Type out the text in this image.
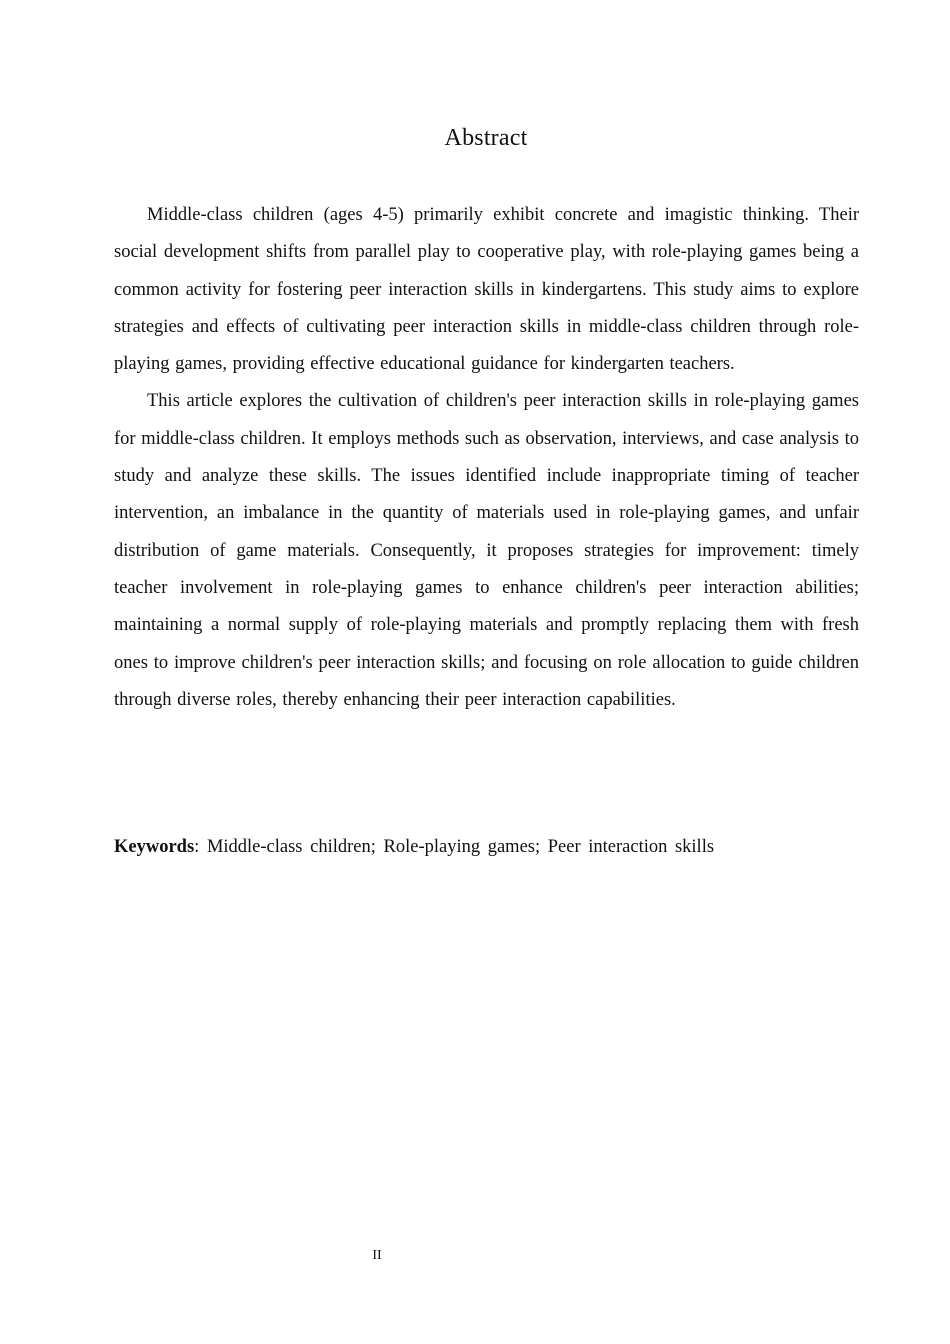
Abstract

Middle-class children (ages 4-5) primarily exhibit concrete and imagistic thinking. Their social development shifts from parallel play to cooperative play, with role-playing games being a common activity for fostering peer interaction skills in kindergartens. This study aims to explore strategies and effects of cultivating peer interaction skills in middle-class children through role-playing games, providing effective educational guidance for kindergarten teachers.

This article explores the cultivation of children's peer interaction skills in role-playing games for middle-class children. It employs methods such as observation, interviews, and case analysis to study and analyze these skills. The issues identified include inappropriate timing of teacher intervention, an imbalance in the quantity of materials used in role-playing games, and unfair distribution of game materials. Consequently, it proposes strategies for improvement: timely teacher involvement in role-playing games to enhance children's peer interaction abilities; maintaining a normal supply of role-playing materials and promptly replacing them with fresh ones to improve children's peer interaction skills; and focusing on role allocation to guide children through diverse roles, thereby enhancing their peer interaction capabilities.

Keywords: Middle-class children; Role-playing games; Peer interaction skills
II
